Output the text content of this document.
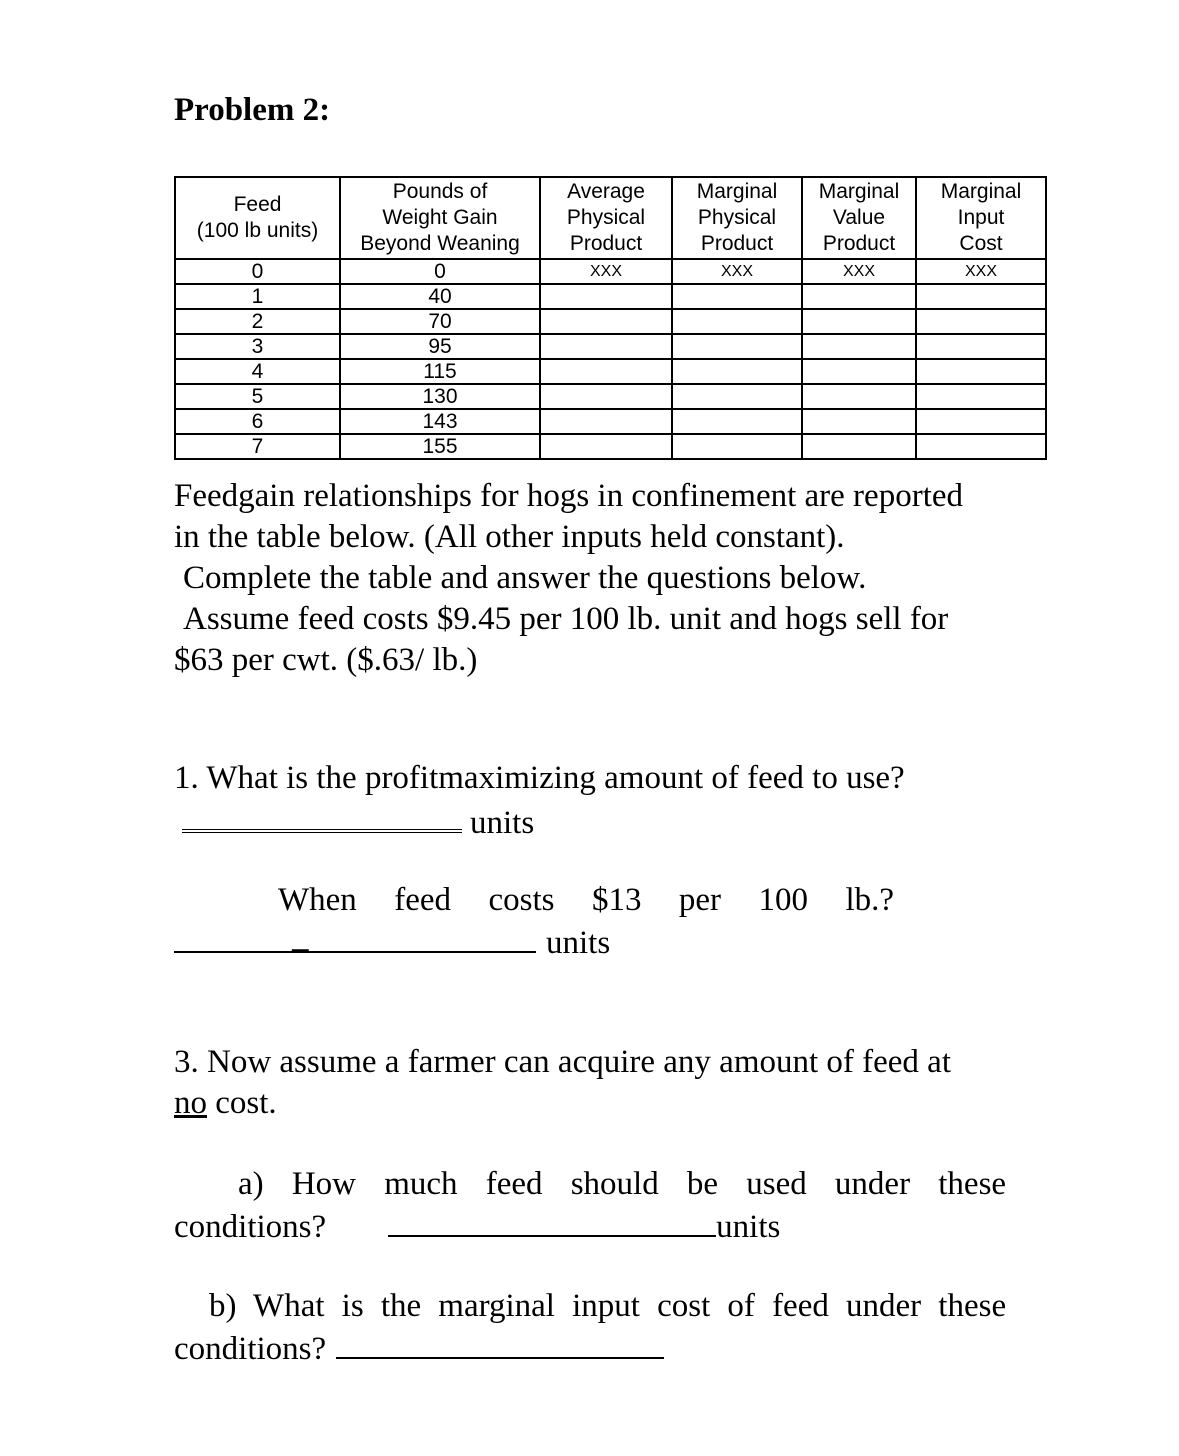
Problem 2:
Feed
(100 lb units)	Pounds of
Weight Gain
Beyond Weaning	Average
Physical
Product	Marginal
Physical
Product	Marginal
Value
Product	Marginal
Input
Cost
0	0	XXX	XXX	XXX	XXX
1	40				
2	70				
3	95				
4	115				
5	130				
6	143				
7	155				
Feedgain relationships for hogs in confinement are reported
in the table below. (All other inputs held constant).
Complete the table and answer the questions below.
Assume feed costs $9.45 per 100 lb. unit and hogs sell for
$63 per cwt. ($.63/ lb.)
1. What is the profitmaximizing amount of feed to use?
units
When feed costs $13 per 100 lb.?
_	units
3. Now assume a farmer can acquire any amount of feed at
no cost.
a) How much feed should be used under these
conditions?	units
b) What is the marginal input cost of feed under these
conditions?
